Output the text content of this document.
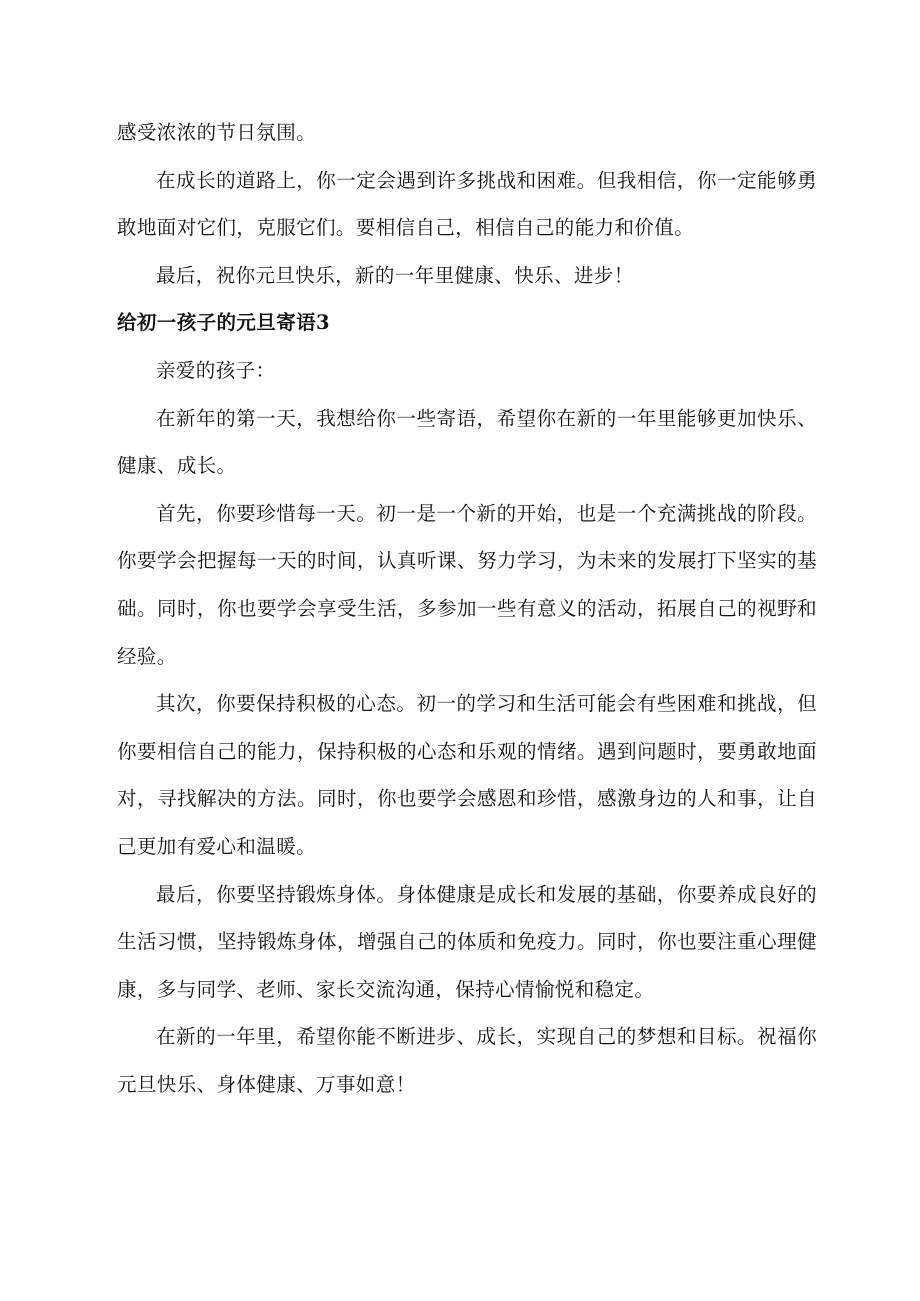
感受浓浓的节日氛围。

在成长的道路上，你一定会遇到许多挑战和困难。但我相信，你一定能够勇敢地面对它们，克服它们。要相信自己，相信自己的能力和价值。

最后，祝你元旦快乐，新的一年里健康、快乐、进步！

给初一孩子的元旦寄语3

亲爱的孩子：

在新年的第一天，我想给你一些寄语，希望你在新的一年里能够更加快乐、健康、成长。

首先，你要珍惜每一天。初一是一个新的开始，也是一个充满挑战的阶段。你要学会把握每一天的时间，认真听课、努力学习，为未来的发展打下坚实的基础。同时，你也要学会享受生活，多参加一些有意义的活动，拓展自己的视野和经验。

其次，你要保持积极的心态。初一的学习和生活可能会有些困难和挑战，但你要相信自己的能力，保持积极的心态和乐观的情绪。遇到问题时，要勇敢地面对，寻找解决的方法。同时，你也要学会感恩和珍惜，感激身边的人和事，让自己更加有爱心和温暖。

最后，你要坚持锻炼身体。身体健康是成长和发展的基础，你要养成良好的生活习惯，坚持锻炼身体，增强自己的体质和免疫力。同时，你也要注重心理健康，多与同学、老师、家长交流沟通，保持心情愉悦和稳定。

在新的一年里，希望你能不断进步、成长，实现自己的梦想和目标。祝福你元旦快乐、身体健康、万事如意！
